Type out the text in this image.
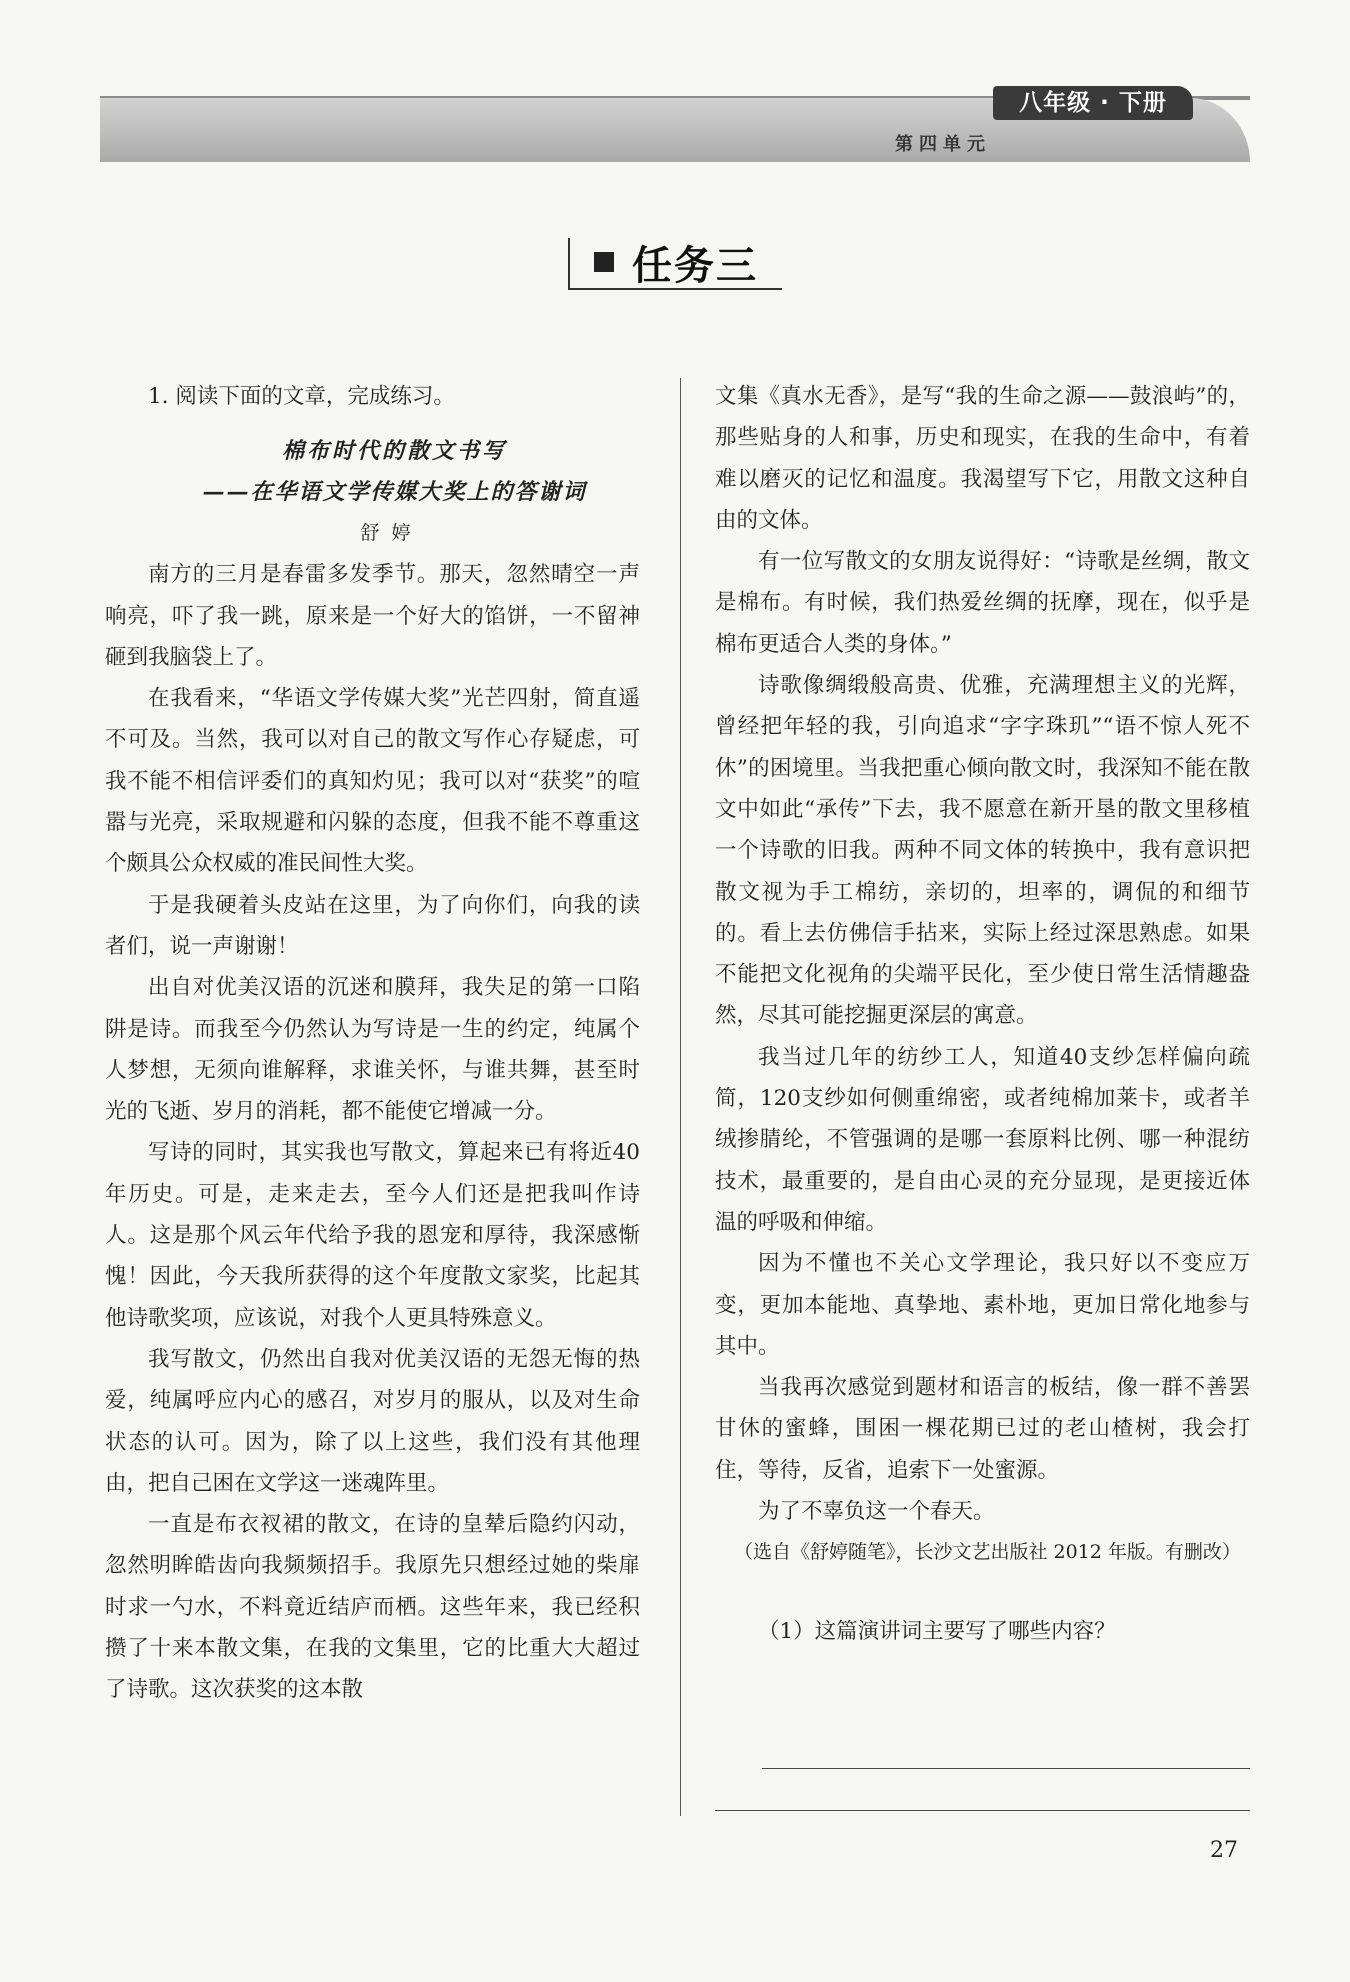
八年级 · 下册
第四单元
任务三

1. 阅读下面的文章，完成练习。

棉布时代的散文书写

——在华语文学传媒大奖上的答谢词

舒婷

南方的三月是春雷多发季节。那天，忽然晴空一声响亮，吓了我一跳，原来是一个好大的馅饼，一不留神砸到我脑袋上了。

在我看来，“华语文学传媒大奖”光芒四射，简直遥不可及。当然，我可以对自己的散文写作心存疑虑，可我不能不相信评委们的真知灼见；我可以对“获奖”的喧嚣与光亮，采取规避和闪躲的态度，但我不能不尊重这个颇具公众权威的准民间性大奖。

于是我硬着头皮站在这里，为了向你们，向我的读者们，说一声谢谢！

出自对优美汉语的沉迷和膜拜，我失足的第一口陷阱是诗。而我至今仍然认为写诗是一生的约定，纯属个人梦想，无须向谁解释，求谁关怀，与谁共舞，甚至时光的飞逝、岁月的消耗，都不能使它增减一分。

写诗的同时，其实我也写散文，算起来已有将近40年历史。可是，走来走去，至今人们还是把我叫作诗人。这是那个风云年代给予我的恩宠和厚待，我深感惭愧！因此，今天我所获得的这个年度散文家奖，比起其他诗歌奖项，应该说，对我个人更具特殊意义。

我写散文，仍然出自我对优美汉语的无怨无悔的热爱，纯属呼应内心的感召，对岁月的服从，以及对生命状态的认可。因为，除了以上这些，我们没有其他理由，把自己困在文学这一迷魂阵里。

一直是布衣衩裙的散文，在诗的皇辇后隐约闪动，忽然明眸皓齿向我频频招手。我原先只想经过她的柴扉时求一勺水，不料竟近结庐而栖。这些年来，我已经积攒了十来本散文集，在我的文集里，它的比重大大超过了诗歌。这次获奖的这本散

文集《真水无香》，是写“我的生命之源——鼓浪屿”的，那些贴身的人和事，历史和现实，在我的生命中，有着难以磨灭的记忆和温度。我渴望写下它，用散文这种自由的文体。

有一位写散文的女朋友说得好：“诗歌是丝绸，散文是棉布。有时候，我们热爱丝绸的抚摩，现在，似乎是棉布更适合人类的身体。”

诗歌像绸缎般高贵、优雅，充满理想主义的光辉，曾经把年轻的我，引向追求“字字珠玑”“语不惊人死不休”的困境里。当我把重心倾向散文时，我深知不能在散文中如此“承传”下去，我不愿意在新开垦的散文里移植一个诗歌的旧我。两种不同文体的转换中，我有意识把散文视为手工棉纺，亲切的，坦率的，调侃的和细节的。看上去仿佛信手拈来，实际上经过深思熟虑。如果不能把文化视角的尖端平民化，至少使日常生活情趣盎然，尽其可能挖掘更深层的寓意。

我当过几年的纺纱工人，知道40支纱怎样偏向疏简，120支纱如何侧重绵密，或者纯棉加莱卡，或者羊绒掺腈纶，不管强调的是哪一套原料比例、哪一种混纺技术，最重要的，是自由心灵的充分显现，是更接近体温的呼吸和伸缩。

因为不懂也不关心文学理论，我只好以不变应万变，更加本能地、真挚地、素朴地，更加日常化地参与其中。

当我再次感觉到题材和语言的板结，像一群不善罢甘休的蜜蜂，围困一棵花期已过的老山楂树，我会打住，等待，反省，追索下一处蜜源。

为了不辜负这一个春天。

（选自《舒婷随笔》，长沙文艺出版社 2012 年版。有删改）

（1）这篇演讲词主要写了哪些内容？

27
